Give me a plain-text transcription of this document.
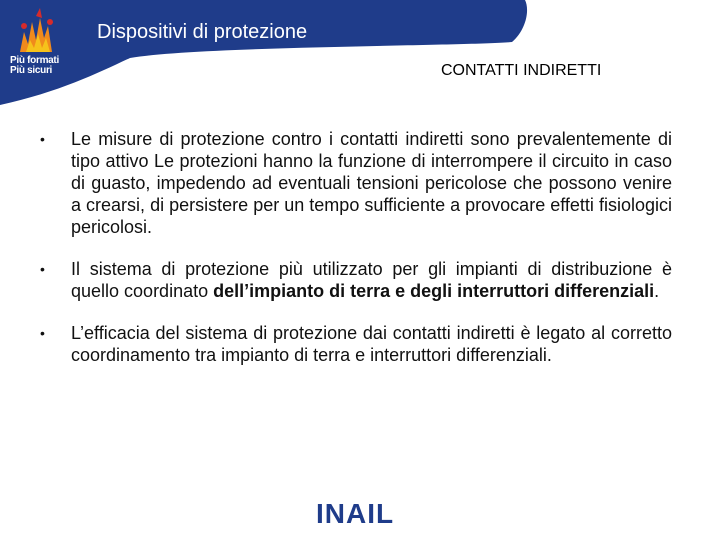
Più formati
Più sicuri
Dispositivi di protezione
CONTATTI INDIRETTI
• Le misure di protezione contro i contatti indiretti sono prevalentemente di tipo attivo Le protezioni hanno la funzione di interrompere il circuito in caso di guasto, impedendo ad eventuali tensioni pericolose che possono venire a crearsi, di persistere per un tempo sufficiente a provocare effetti fisiologici pericolosi.
• Il sistema di protezione più utilizzato per gli impianti di distribuzione è quello coordinato dell’impianto di terra e degli interruttori differenziali.
• L’efficacia del sistema di protezione dai contatti indiretti è legato al corretto coordinamento tra impianto di terra e interruttori differenziali.
INAIL
